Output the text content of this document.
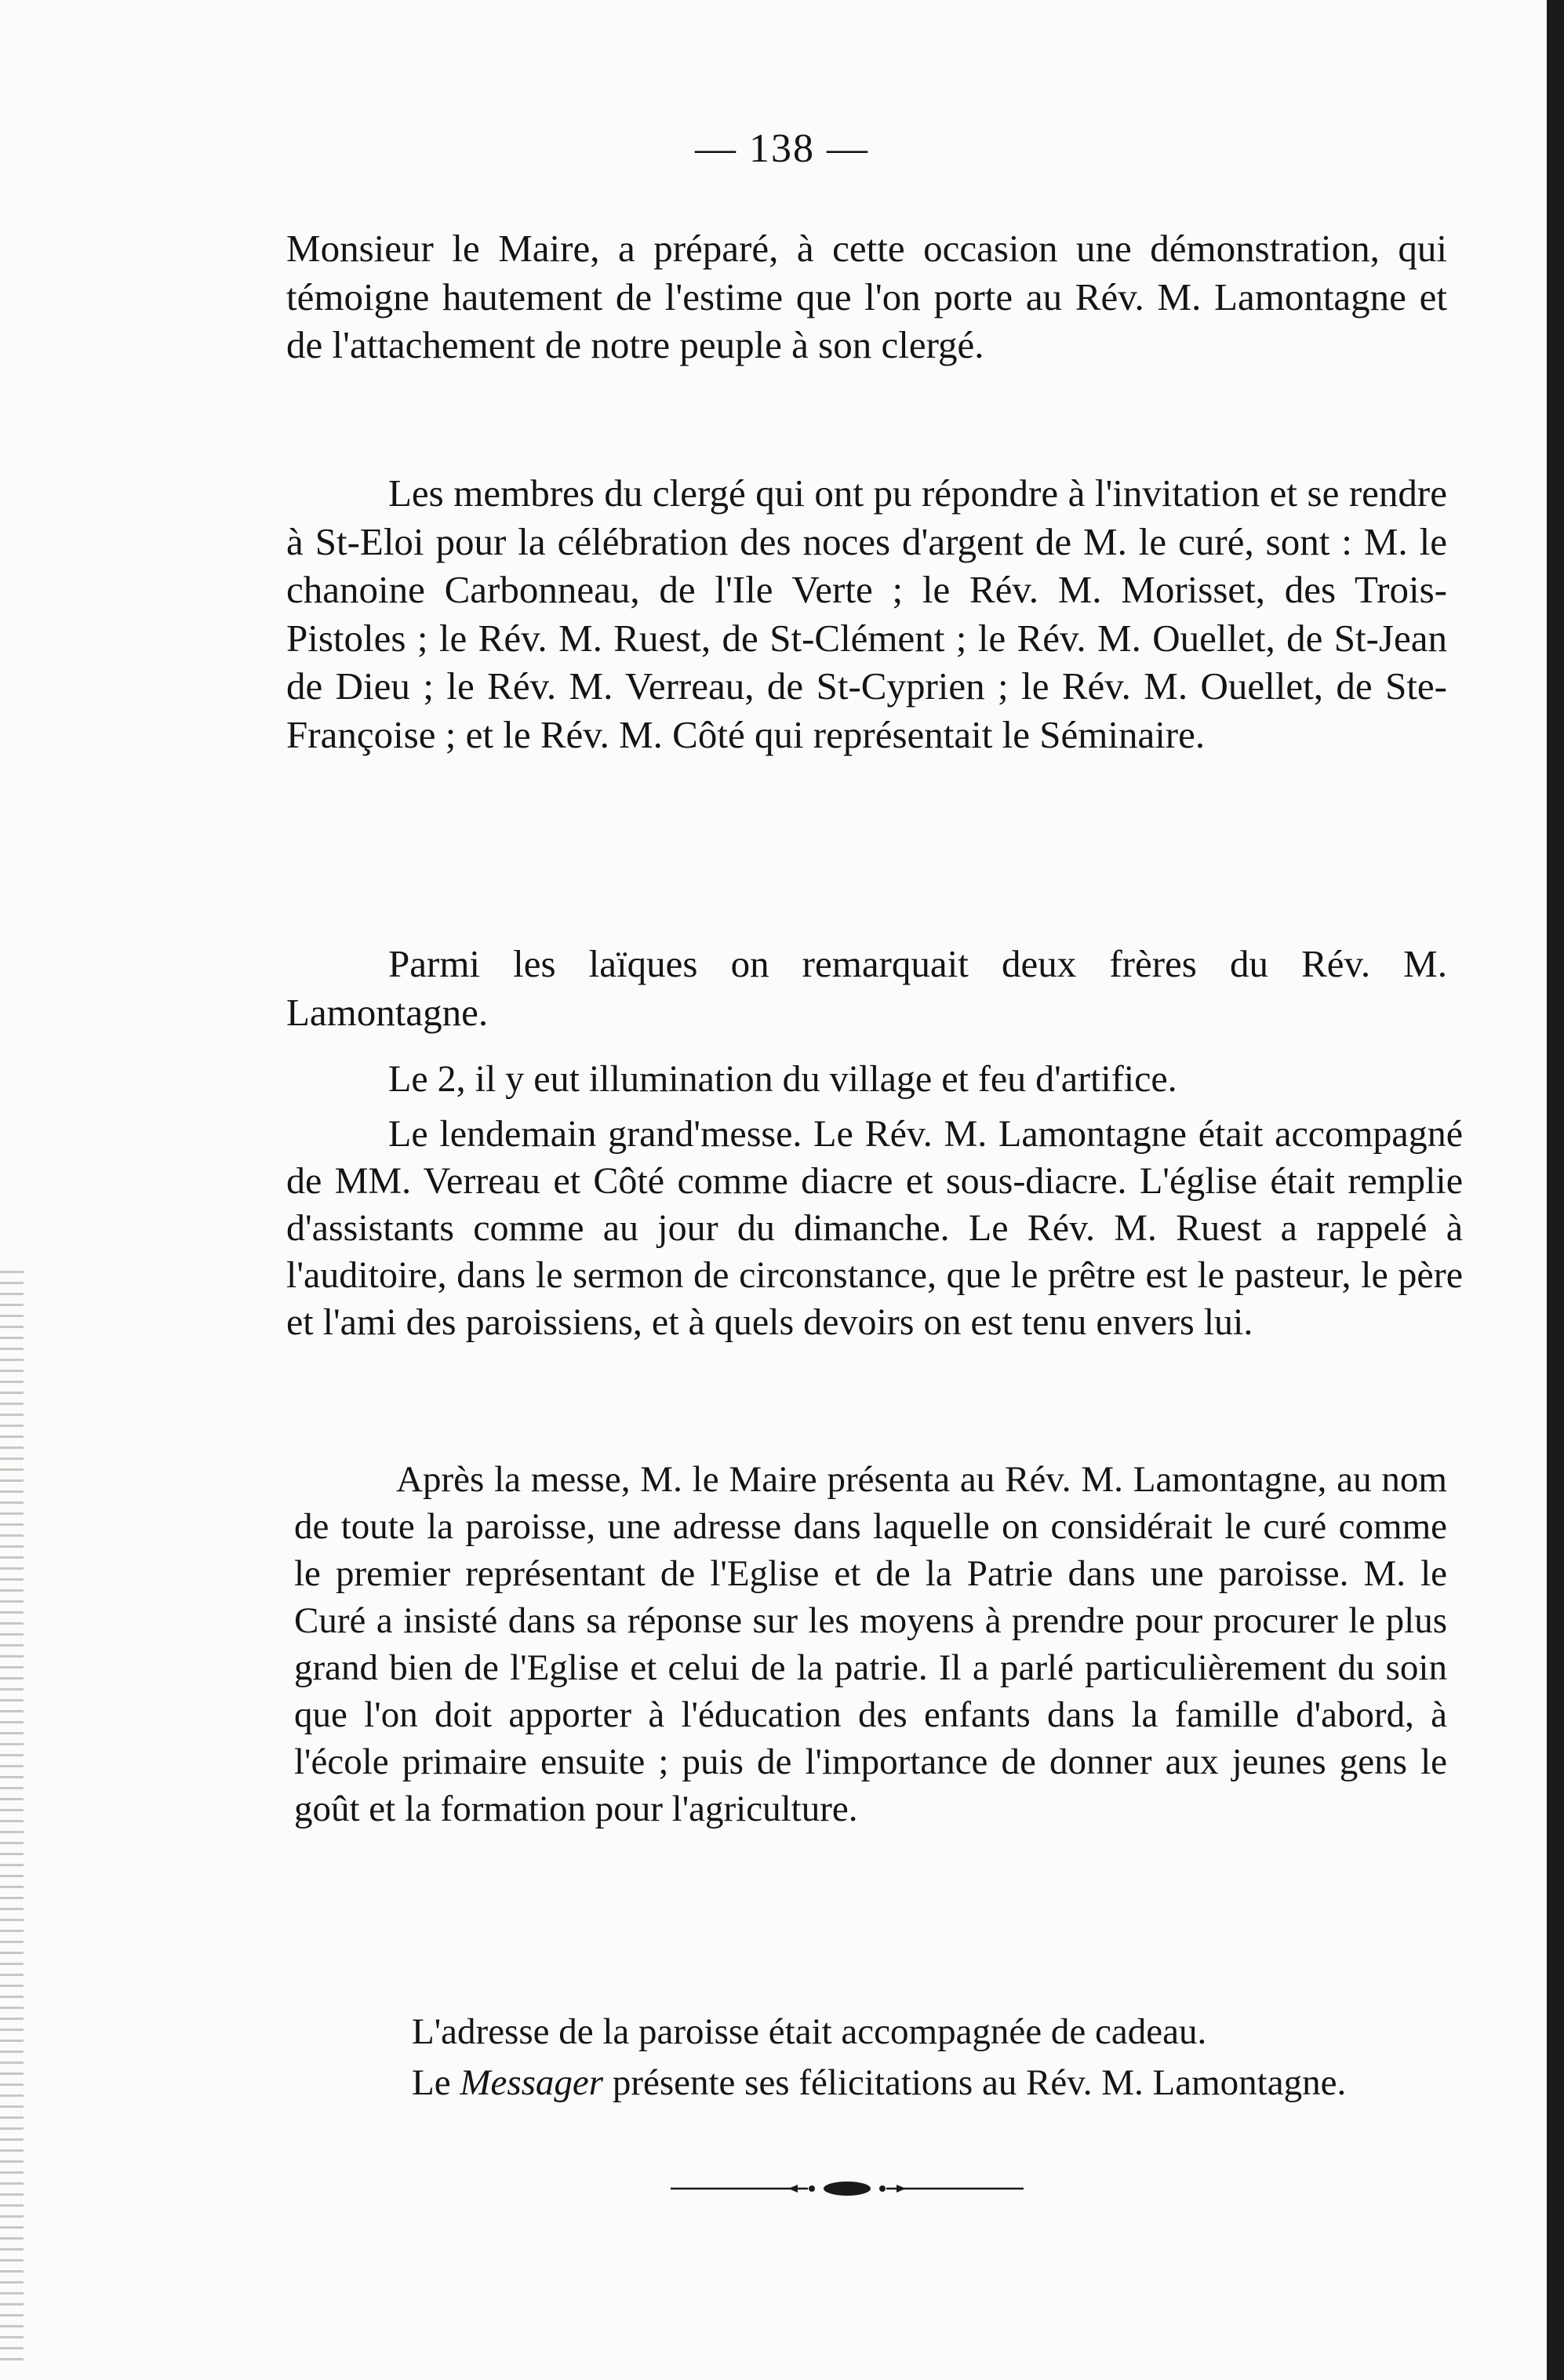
— 138 —

Monsieur le Maire, a préparé, à cette occasion une démonstration, qui témoigne hautement de l'estime que l'on porte au Rév. M. Lamontagne et de l'attachement de notre peuple à son clergé.

Les membres du clergé qui ont pu répondre à l'invitation et se rendre à St-Eloi pour la célébration des noces d'argent de M. le curé, sont : M. le chanoine Carbonneau, de l'Ile Verte ; le Rév. M. Morisset, des Trois-Pistoles ; le Rév. M. Ruest, de St-Clément ; le Rév. M. Ouellet, de St-Jean de Dieu ; le Rév. M. Verreau, de St-Cyprien ; le Rév. M. Ouellet, de Ste-Françoise ; et le Rév. M. Côté qui représentait le Séminaire.

Parmi les laïques on remarquait deux frères du Rév. M. Lamontagne.

Le 2, il y eut illumination du village et feu d'artifice.

Le lendemain grand'messe. Le Rév. M. Lamontagne était accompagné de MM. Verreau et Côté comme diacre et sous-diacre. L'église était remplie d'assistants comme au jour du dimanche. Le Rév. M. Ruest a rappelé à l'auditoire, dans le sermon de circonstance, que le prêtre est le pasteur, le père et l'ami des paroissiens, et à quels devoirs on est tenu envers lui.

Après la messe, M. le Maire présenta au Rév. M. Lamontagne, au nom de toute la paroisse, une adresse dans laquelle on considérait le curé comme le premier représentant de l'Eglise et de la Patrie dans une paroisse. M. le Curé a insisté dans sa réponse sur les moyens à prendre pour procurer le plus grand bien de l'Eglise et celui de la patrie. Il a parlé particulièrement du soin que l'on doit apporter à l'éducation des enfants dans la famille d'abord, à l'école primaire ensuite ; puis de l'importance de donner aux jeunes gens le goût et la formation pour l'agriculture.

L'adresse de la paroisse était accompagnée de cadeau.

Le Messager présente ses félicitations au Rév. M. Lamontagne.
